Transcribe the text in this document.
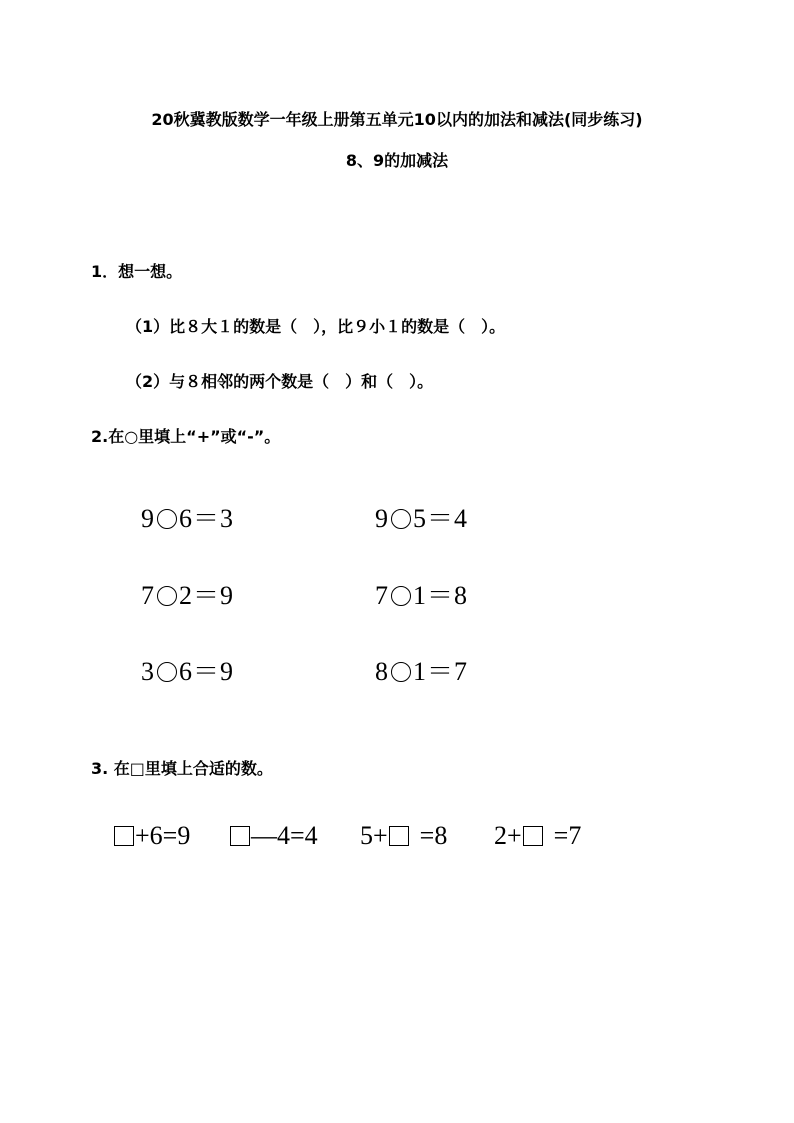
20秋冀教版数学一年级上册第五单元10以内的加法和减法(同步练习)
8、9的加减法
1．想一想。
（1）比８大１的数是（　），比９小１的数是（　）。
（2）与８相邻的两个数是（　）和（　）。
2.在○里填上“+”或“-”。
9 6＝3	9 5＝4
7 2＝9	7 1＝8
3 6＝9	8 1＝7
3. 在□里填上合适的数。
+6=9	—4=4 5+ =8 2+ =7
